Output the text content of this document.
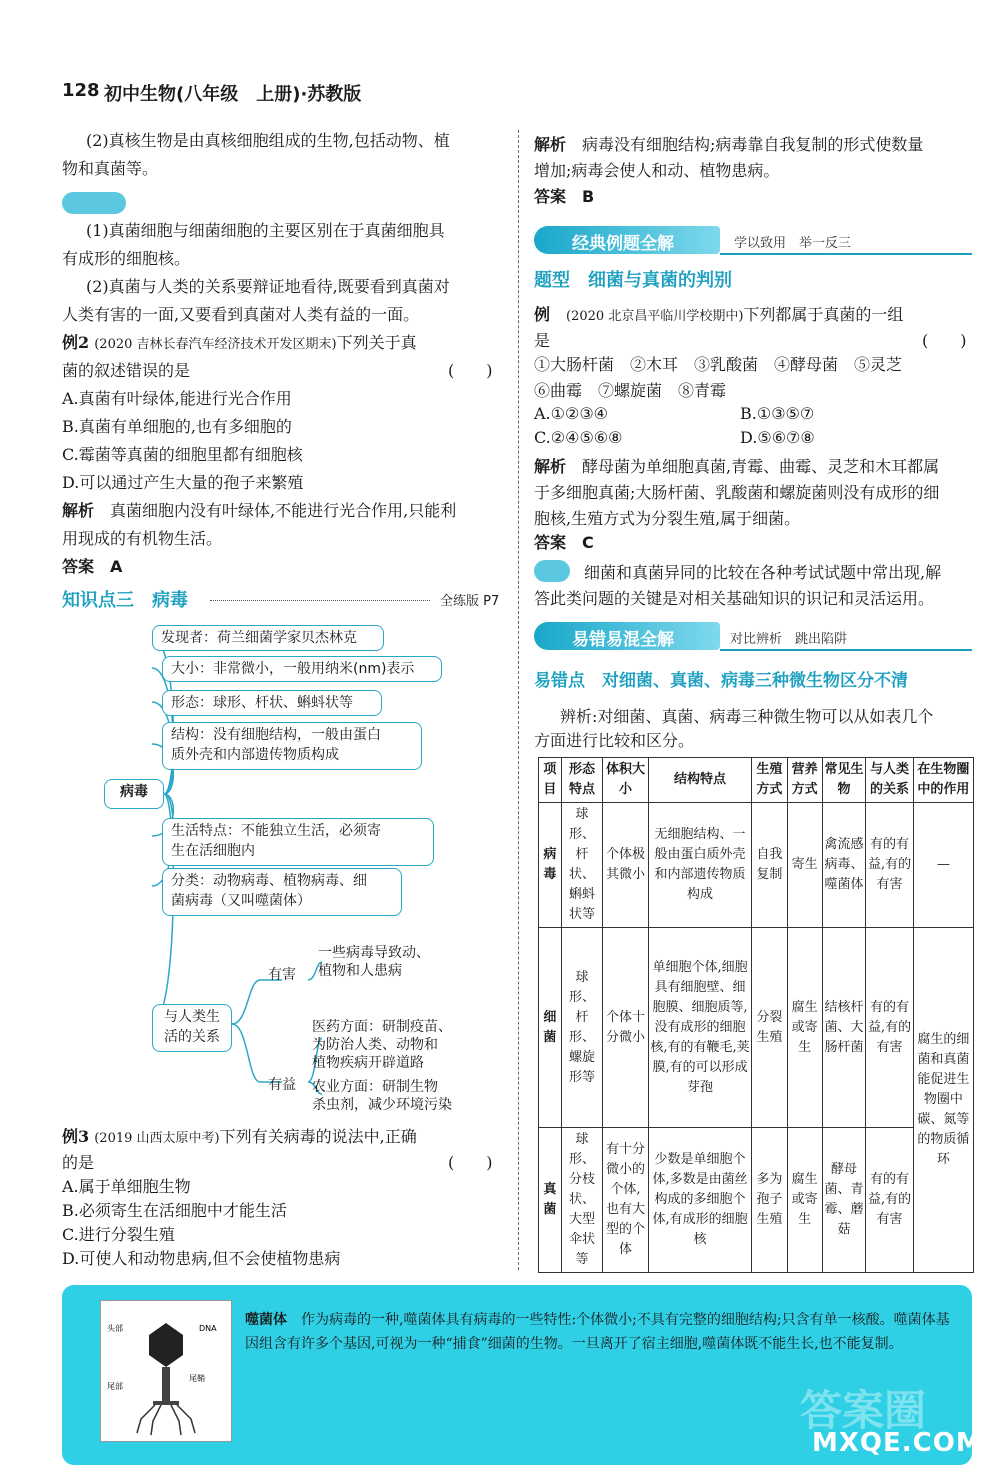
128 初中生物(八年级　上册)·苏教版
(2)真核生物是由真核细胞组成的生物,包括动物、植
物和真菌等。
(1)真菌细胞与细菌细胞的主要区别在于真菌细胞具
有成形的细胞核。
(2)真菌与人类的关系要辩证地看待,既要看到真菌对
人类有害的一面,又要看到真菌对人类有益的一面。
例2 (2020 吉林长春汽车经济技术开发区期末)下列关于真
菌的叙述错误的是	(　　)
A.真菌有叶绿体,能进行光合作用
B.真菌有单细胞的,也有多细胞的
C.霉菌等真菌的细胞里都有细胞核
D.可以通过产生大量的孢子来繁殖
解析　 真菌细胞内没有叶绿体,不能进行光合作用,只能利
用现成的有机物生活。
答案　 A
知识点三　病毒	全练版 P7
病毒
发现者：荷兰细菌学家贝杰林克
大小：非常微小，一般用纳米(nm)表示
形态：球形、杆状、蝌蚪状等
结构：没有细胞结构，一般由蛋白
质外壳和内部遗传物质构成
生活特点：不能独立生活，必须寄
生在活细胞内
分类：动物病毒、植物病毒、细
菌病毒（又叫噬菌体）
与人类生
活的关系
有害
一些病毒导致动、
植物和人患病
有益
医药方面：研制疫苗、
为防治人类、动物和
植物疾病开辟道路
农业方面：研制生物
杀虫剂，减少环境污染
例3 (2019 山西太原中考)下列有关病毒的说法中,正确
的是	(　　)
A.属于单细胞生物
B.必须寄生在活细胞中才能生活
C.进行分裂生殖
D.可使人和动物患病,但不会使植物患病
解析　 病毒没有细胞结构;病毒靠自我复制的形式使数量
增加;病毒会使人和动、植物患病。
答案　 B
经典例题全解	学以致用　举一反三
题型　细菌与真菌的判别
例　 (2020 北京昌平临川学校期中)下列都属于真菌的一组
是	(　　)
①大肠杆菌　②木耳　③乳酸菌　④酵母菌　⑤灵芝
⑥曲霉　⑦螺旋菌　⑧青霉
A.①②③④	B.①③⑤⑦
C.②④⑤⑥⑧	D.⑤⑥⑦⑧
解析　 酵母菌为单细胞真菌,青霉、曲霉、灵芝和木耳都属
于多细胞真菌;大肠杆菌、乳酸菌和螺旋菌则没有成形的细
胞核,生殖方式为分裂生殖,属于细菌。
答案　 C
细菌和真菌异同的比较在各种考试试题中常出现,解
答此类问题的关键是对相关基础知识的识记和灵活运用。
易错易混全解	对比辨析　跳出陷阱
易错点　对细菌、真菌、病毒三种微生物区分不清
辨析:对细菌、真菌、病毒三种微生物可以从如表几个
方面进行比较和区分。
项目	形态特点	体积大小	结构特点	生殖方式	营养方式	常见生物	与人类的关系	在生物圈中的作用
病毒	球形、杆状、蝌蚪状等	个体极其微小	无细胞结构、一般由蛋白质外壳和内部遗传物质构成	自我复制	寄生	禽流感病毒、噬菌体	有的有益,有的有害	—
细菌	球形、杆形、螺旋形等	个体十分微小	单细胞个体,细胞具有细胞壁、细胞膜、细胞质等,没有成形的细胞核,有的有鞭毛,荚膜,有的可以形成芽孢	分裂生殖	腐生或寄生	结核杆菌、大肠杆菌	有的有益,有的有害	腐生的细菌和真菌能促进生物圈中碳、氮等的物质循环
真菌	球形、分枝状、大型伞状等	有十分微小的个体,也有大型的个体	少数是单细胞个体,多数是由菌丝构成的多细胞个体,有成形的细胞核	多为孢子生殖	腐生或寄生	酵母菌、青霉、蘑菇	有的有益,有的有害	
头部	DNA
尾部
尾鞘
噬菌体　 作为病毒的一种,噬菌体具有病毒的一些特性:个体微小;不具有完整的细胞结构;只含有单一核酸。噬菌体基因组含有许多个基因,可视为一种“捕食”细菌的生物。一旦离开了宿主细胞,噬菌体既不能生长,也不能复制。
答案圈
MXQE.COM
